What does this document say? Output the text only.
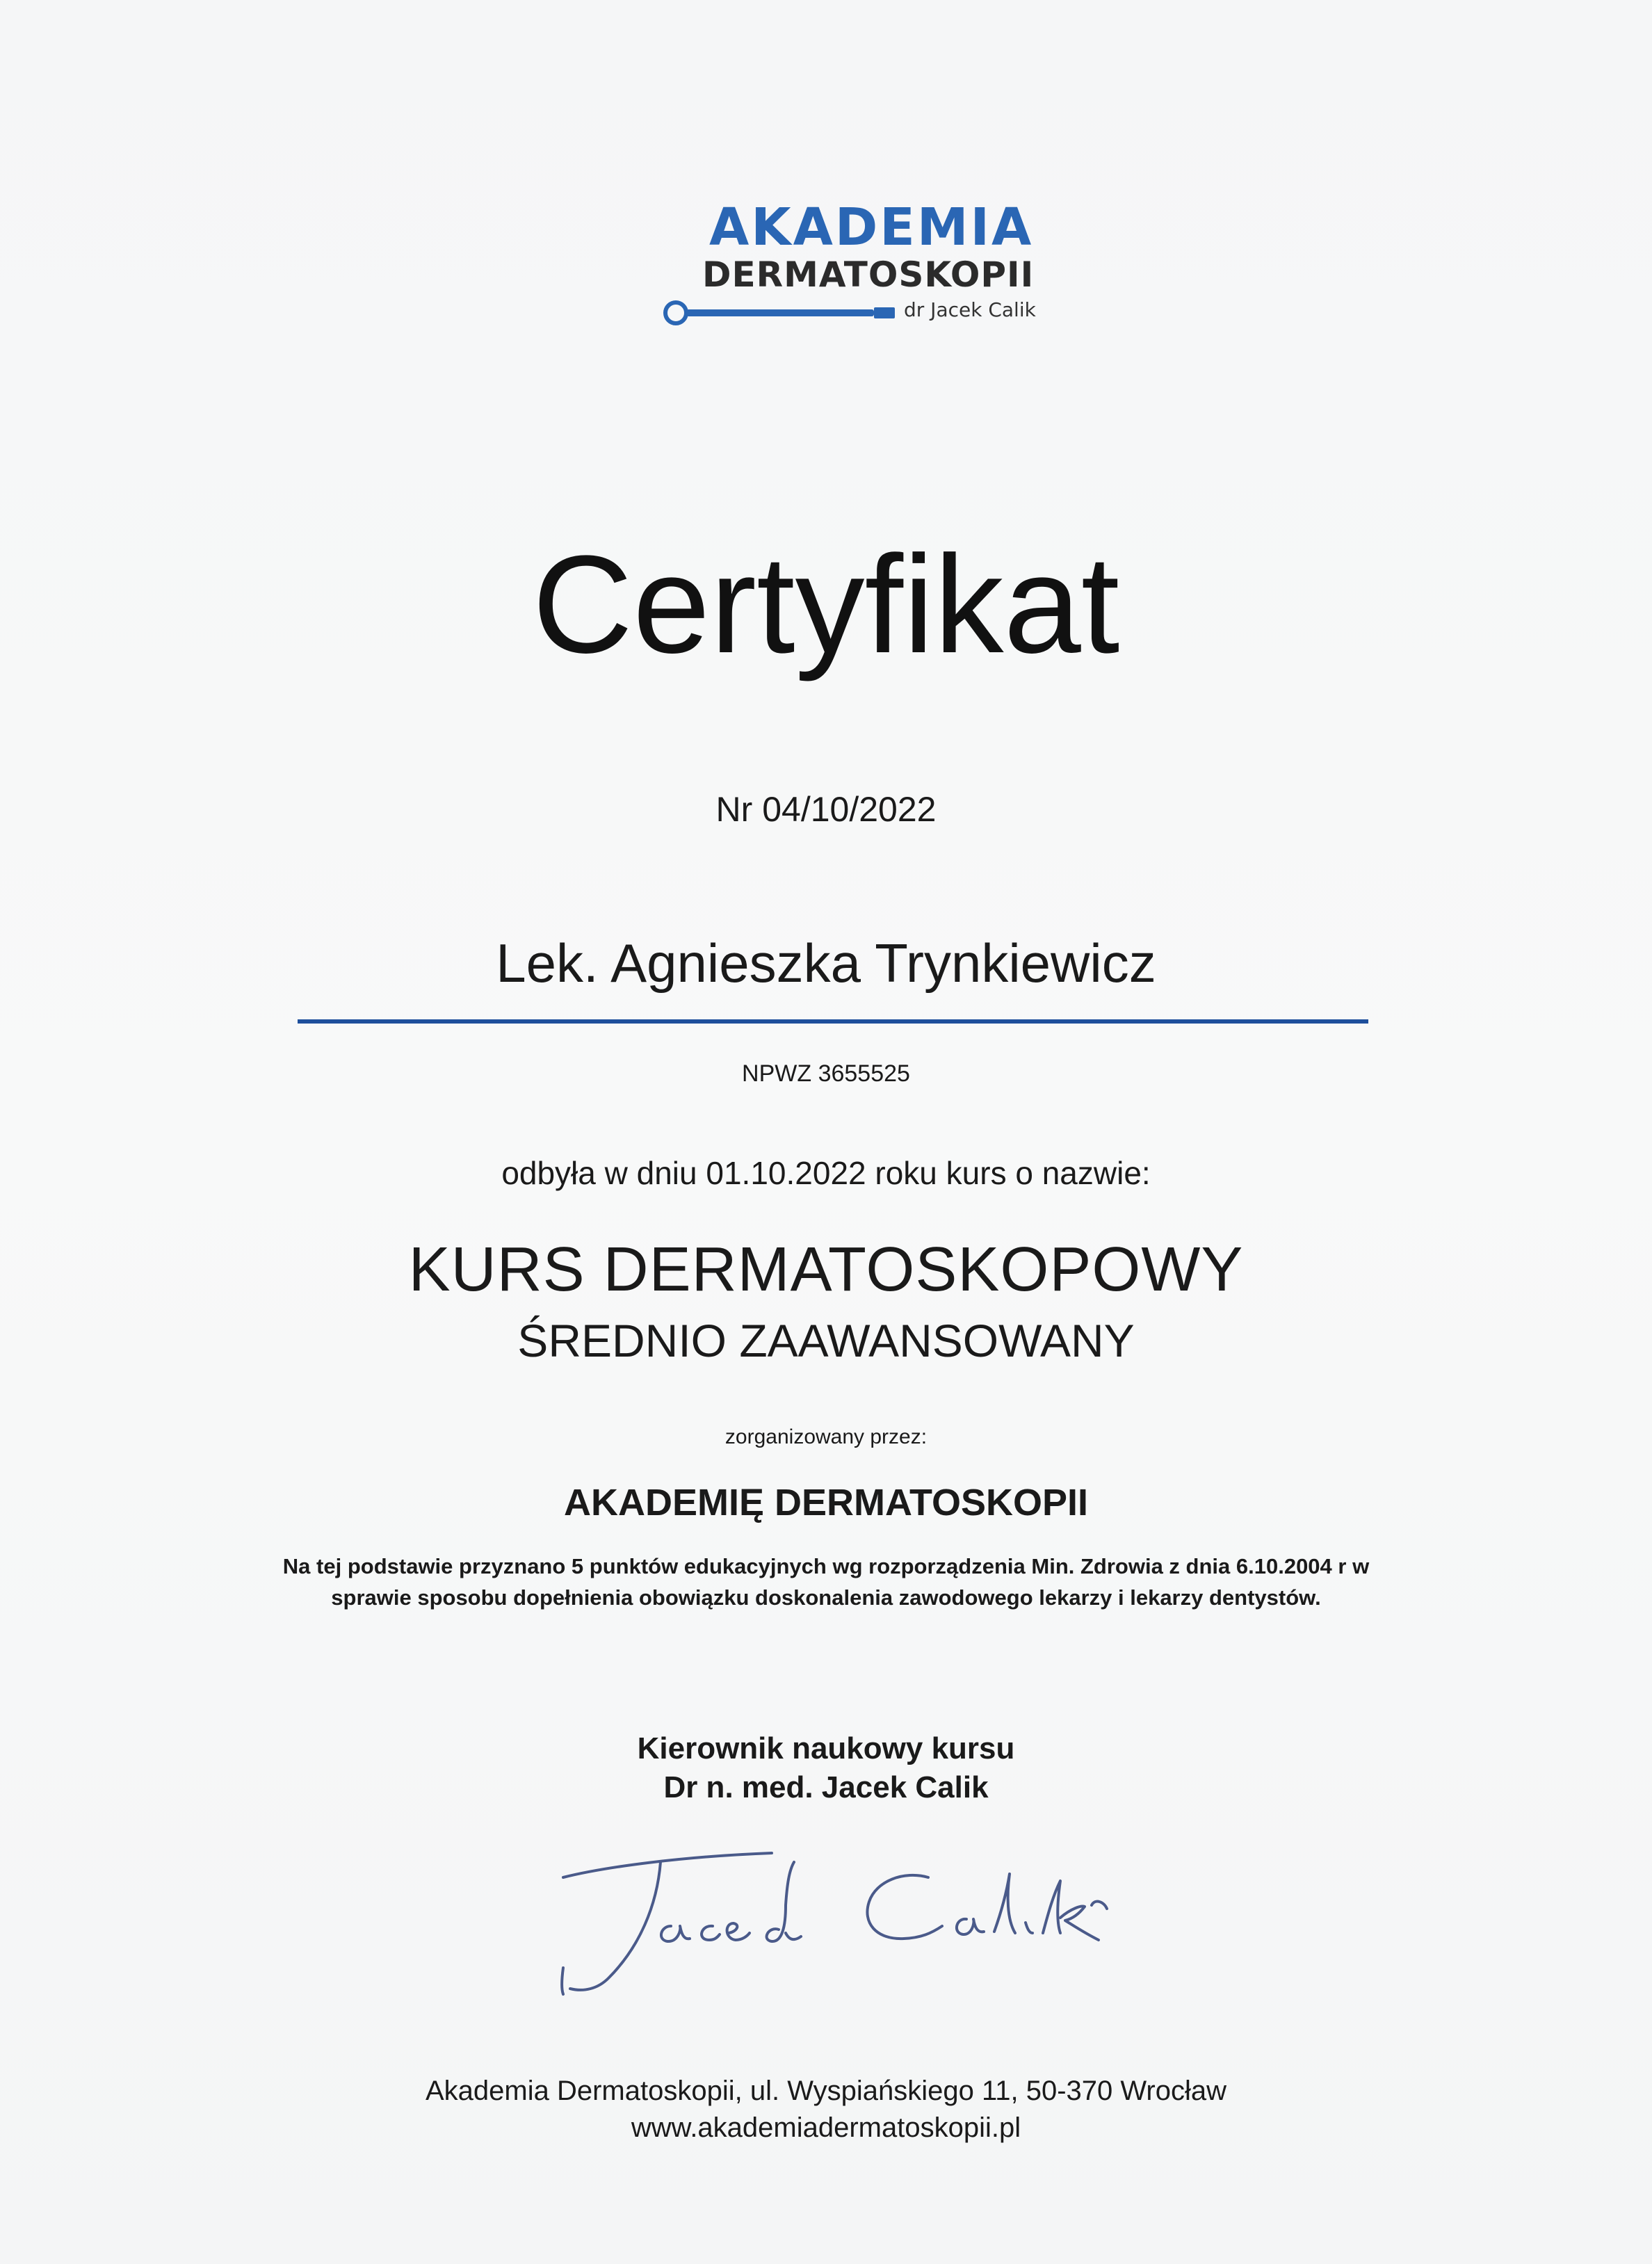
AKADEMIA
DERMATOSKOPII
dr Jacek Calik
Certyfikat
Nr 04/10/2022
Lek. Agnieszka Trynkiewicz
NPWZ 3655525
odbyła w dniu 01.10.2022 roku kurs o nazwie:
KURS DERMATOSKOPOWY
ŚREDNIO ZAAWANSOWANY
zorganizowany przez:
AKADEMIĘ DERMATOSKOPII
Na tej podstawie przyznano 5 punktów edukacyjnych wg rozporządzenia Min. Zdrowia z dnia 6.10.2004 r w
sprawie sposobu dopełnienia obowiązku doskonalenia zawodowego lekarzy i lekarzy dentystów.
Kierownik naukowy kursu
Dr n. med. Jacek Calik
Akademia Dermatoskopii, ul. Wyspiańskiego 11, 50-370 Wrocław
www.akademiadermatoskopii.pl
